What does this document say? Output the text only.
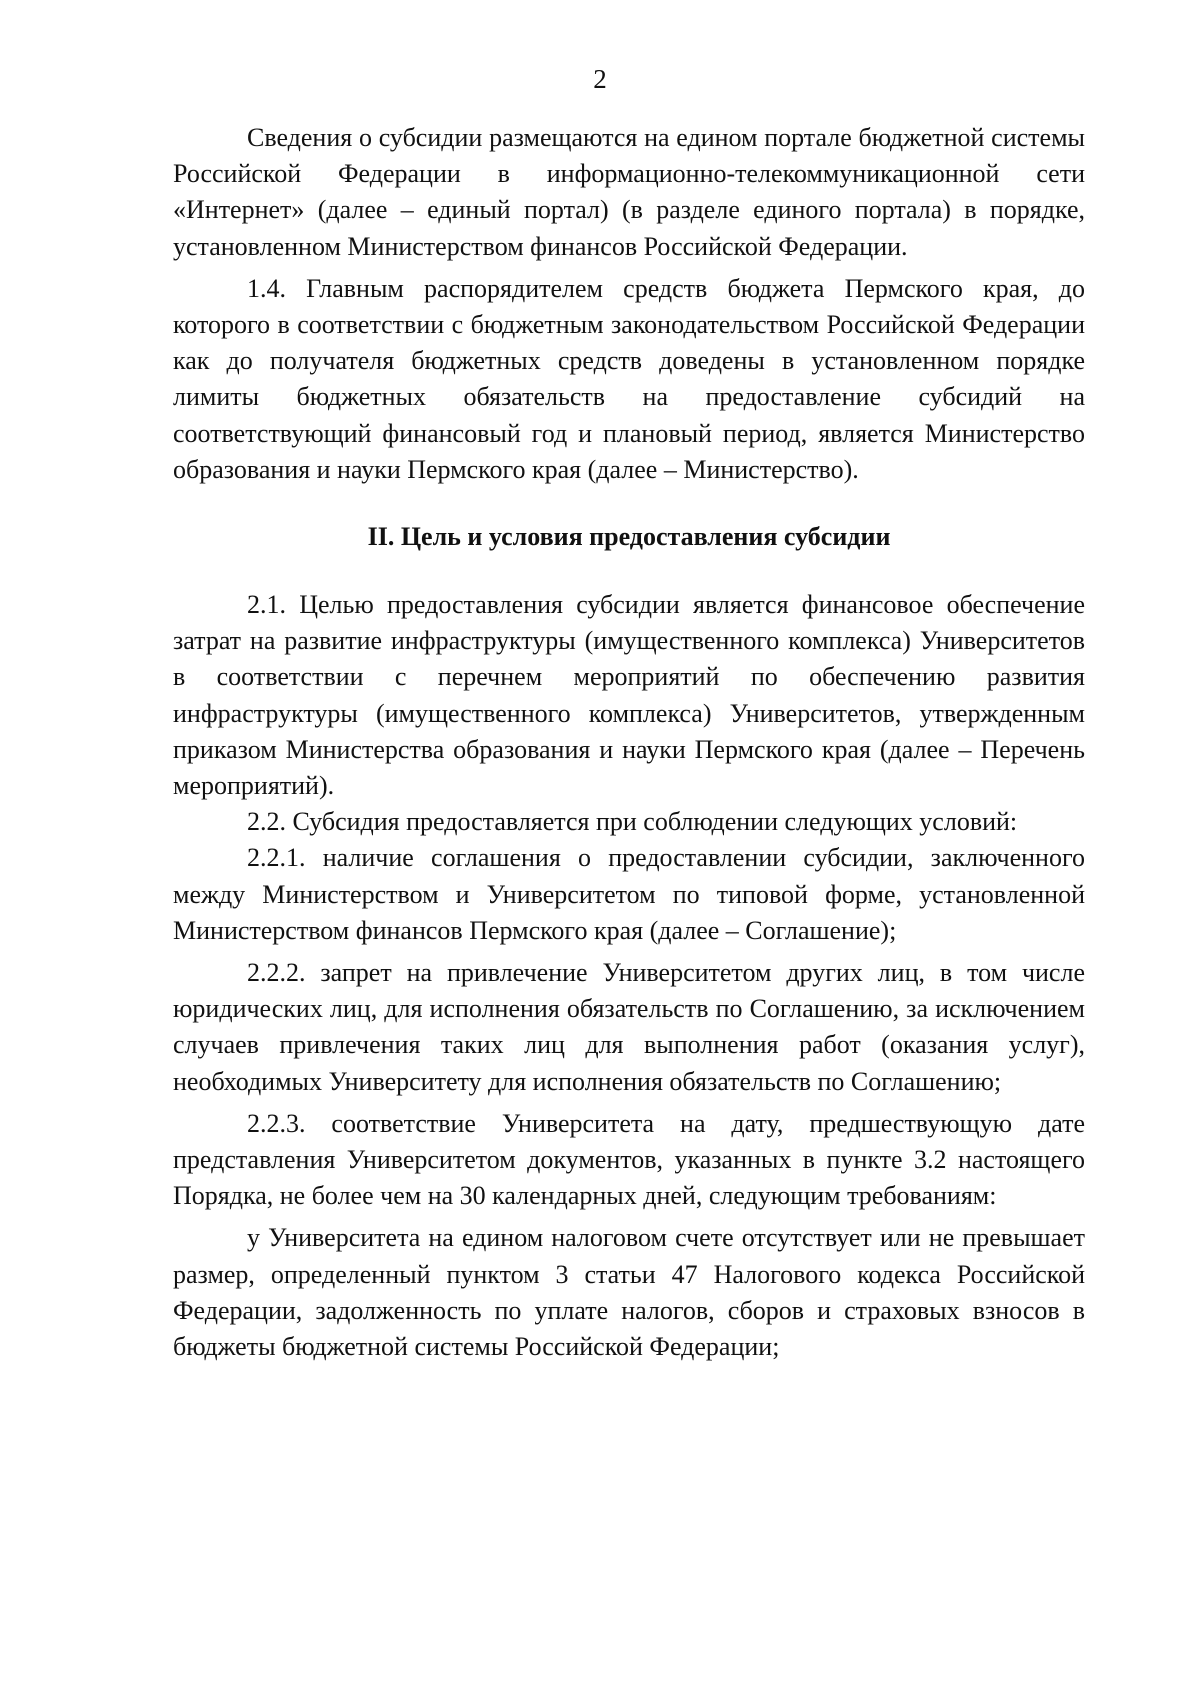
2

Сведения о субсидии размещаются на едином портале бюджетной системы Российской Федерации в информационно-телекоммуникационной сети «Интернет» (далее – единый портал) (в разделе единого портала) в порядке, установленном Министерством финансов Российской Федерации.

1.4. Главным распорядителем средств бюджета Пермского края, до которого в соответствии с бюджетным законодательством Российской Федерации как до получателя бюджетных средств доведены в установленном порядке лимиты бюджетных обязательств на предоставление субсидий на соответствующий финансовый год и плановый период, является Министерство образования и науки Пермского края (далее – Министерство).

II. Цель и условия предоставления субсидии

2.1. Целью предоставления субсидии является финансовое обеспечение затрат на развитие инфраструктуры (имущественного комплекса) Университетов в соответствии с перечнем мероприятий по обеспечению развития инфраструктуры (имущественного комплекса) Университетов, утвержденным приказом Министерства образования и науки Пермского края (далее – Перечень мероприятий).

2.2. Субсидия предоставляется при соблюдении следующих условий:

2.2.1. наличие соглашения о предоставлении субсидии, заключенного между Министерством и Университетом по типовой форме, установленной Министерством финансов Пермского края (далее – Соглашение);

2.2.2. запрет на привлечение Университетом других лиц, в том числе юридических лиц, для исполнения обязательств по Соглашению, за исключением случаев привлечения таких лиц для выполнения работ (оказания услуг), необходимых Университету для исполнения обязательств по Соглашению;

2.2.3. соответствие Университета на дату, предшествующую дате представления Университетом документов, указанных в пункте 3.2 настоящего Порядка, не более чем на 30 календарных дней, следующим требованиям:

у Университета на едином налоговом счете отсутствует или не превышает размер, определенный пунктом 3 статьи 47 Налогового кодекса Российской Федерации, задолженность по уплате налогов, сборов и страховых взносов в бюджеты бюджетной системы Российской Федерации;
